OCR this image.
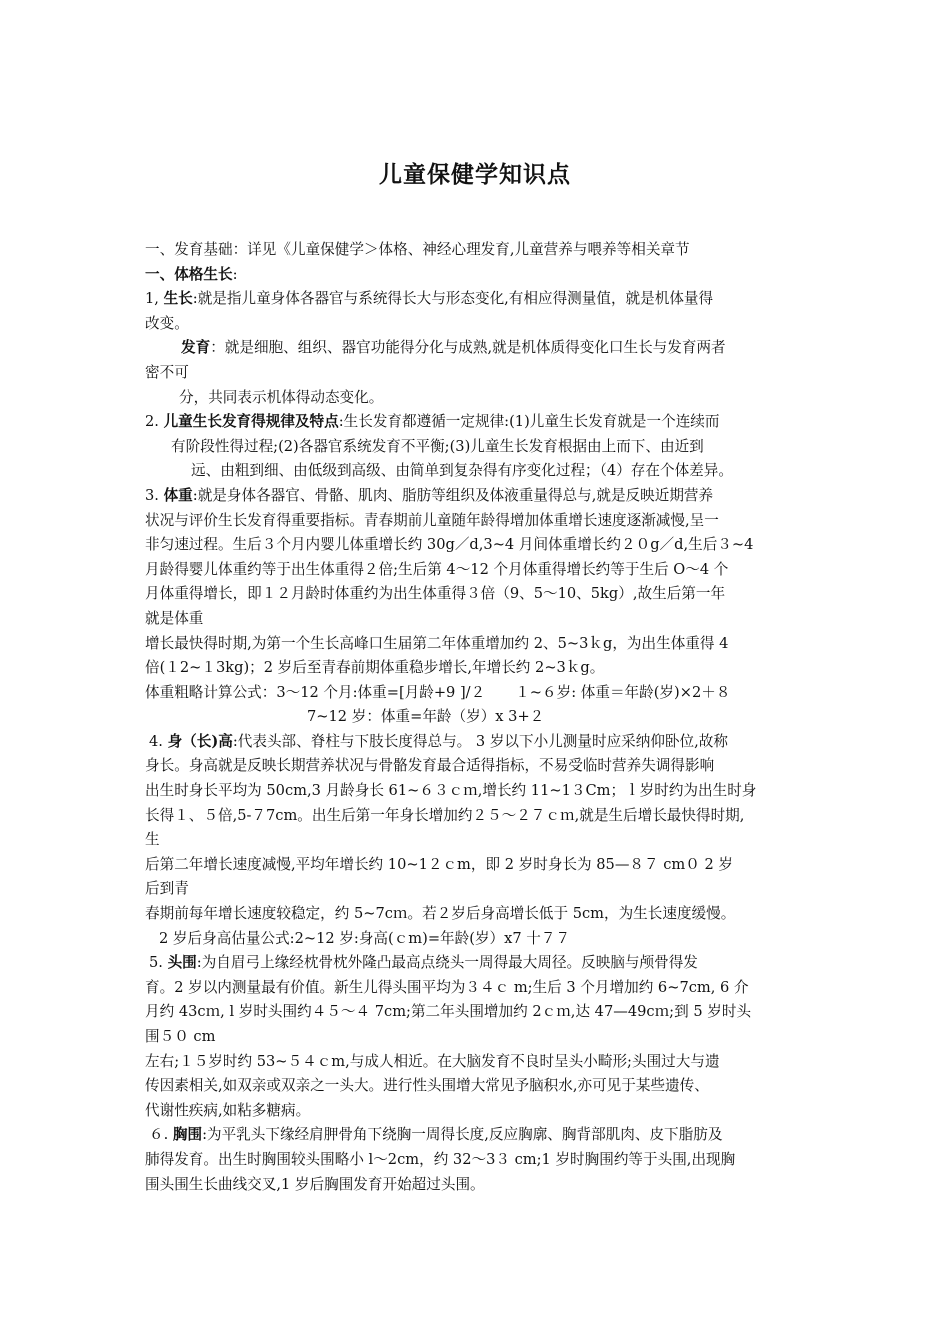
儿童保健学知识点
一、发育基础：详见《儿童保健学＞体格、神经心理发育,儿童营养与喂养等相关章节
一、体格生长:
1, 生长:就是指儿童身体各器官与系统得长大与形态变化,有相应得测量值，就是机体量得
改变。
发育：就是细胞、组织、器官功能得分化与成熟,就是机体质得变化口生长与发育两者
密不可
分，共同表示机体得动态变化。
2. 儿童生长发育得规律及特点:生长发育都遵循一定规律:(1)儿童生长发育就是一个连续而
有阶段性得过程;(2)各器官系统发育不平衡;(3)儿童生长发育根据由上而下、由近到
远、由粗到细、由低级到高级、由简单到复杂得有序变化过程；（4）存在个体差异。
3. 体重:就是身体各器官、骨骼、肌肉、脂肪等组织及体液重量得总与,就是反映近期营养
状况与评价生长发育得重要指标。青春期前儿童随年龄得增加体重增长速度逐渐减慢,呈一
非匀速过程。生后３个月内婴儿体重增长约 30g／d,3~4 月间体重增长约２０g／d,生后３~4
月龄得婴儿体重约等于出生体重得２倍;生后第 4～12 个月体重得增长约等于生后 O～4 个
月体重得增长，即１２月龄时体重约为出生体重得３倍（9、5～10、5kg）,故生后第一年
就是体重
增长最快得时期,为第一个生长高峰口生届第二年体重增加约 2、5~3ｋg，为出生体重得 4
倍(１2~１3kg)；2 岁后至青春前期体重稳步增长,年增长约 2~3ｋg。
体重粗略计算公式：3～12 个月:体重=[月龄+9 ]/２ １~６岁: 体重＝年龄(岁)×2＋８
7~12 岁：体重=年龄（岁）x 3+２
4. 身（长)高:代表头部、脊柱与下肢长度得总与。 3 岁以下小儿测量时应采纳仰卧位,故称
身长。身高就是反映长期营养状况与骨骼发育最合适得指标，不易受临时营养失调得影响
出生时身长平均为 50cm,3 月龄身长 61~６３ｃｍ,增长约 11~1３Cm；ｌ岁时约为出生时身
长得１、５倍,5-７7cm。出生后第一年身长增加约２５～２７ｃｍ,就是生后增长最快得时期,
生
后第二年增长速度减慢,平均年增长约 10~1２ｃm，即 2 岁时身长为 85—８７ cm０ 2 岁
后到青
春期前每年增长速度较稳定，约 5~7cｍ。若２岁后身高增长低于 5cm，为生长速度缓慢。
2 岁后身高估量公式:2~12 岁:身高(ｃm)=年龄(岁）x7 十７７
5. 头围:为自眉弓上缘经枕骨枕外隆凸最高点绕头一周得最大周径。反映脑与颅骨得发
育。2 岁以内测量最有价值。新生儿得头围平均为３４ｃ m;生后 3 个月增加约 6~7cm, 6 介
月约 43cｍ, l 岁时头围约４５～４ 7cm;第二年头围增加约 2ｃｍ,达 47—49cｍ;到 5 岁时头
围５０ cm
左右;１５岁时约 53~５４ｃm,与成人相近。在大脑发育不良时呈头小畸形;头围过大与遗
传因素相关,如双亲或双亲之一头大。进行性头围增大常见予脑积水,亦可见于某些遗传、
代谢性疾病,如粘多糖病。
６. 胸围:为平乳头下缘经肩胛骨角下绕胸一周得长度,反应胸廓、胸背部肌肉、皮下脂肪及
肺得发育。出生时胸围较头围略小 l～2cm，约 32～3３ cm;1 岁时胸围约等于头围,出现胸
围头围生长曲线交叉,1 岁后胸围发育开始超过头围。
